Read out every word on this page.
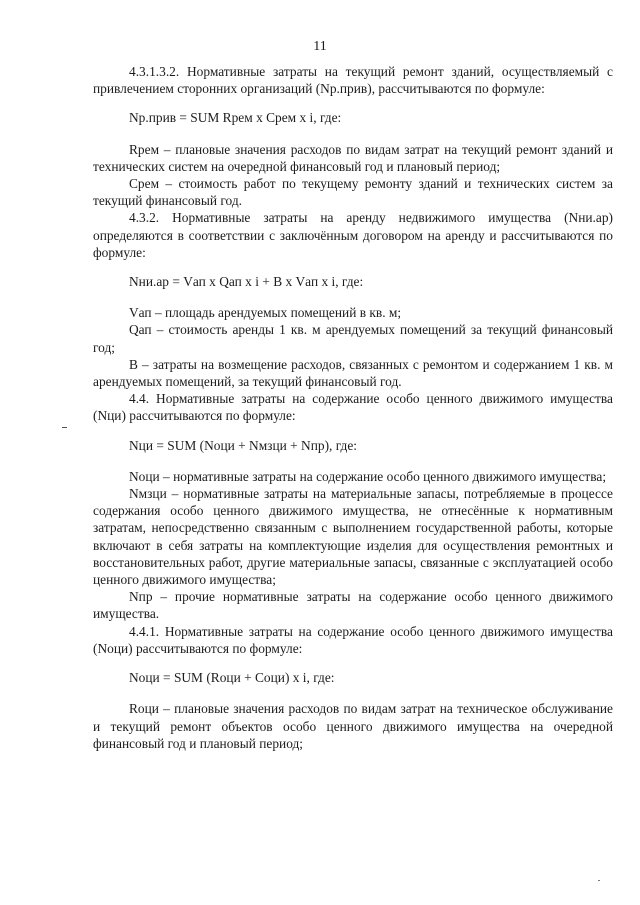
11

4.3.1.3.2. Нормативные затраты на текущий ремонт зданий, осуществляемый с привлечением сторонних организаций (Nр.прив), рассчитываются по формуле:

Nр.прив = SUM Rрем х Срем х i, где:

Rрем – плановые значения расходов по видам затрат на текущий ремонт зданий и технических систем на очередной финансовый год и плановый период;

Срем – стоимость работ по текущему ремонту зданий и технических систем за текущий финансовый год.

4.3.2. Нормативные затраты на аренду недвижимого имущества (Nни.ар) определяются в соответствии с заключённым договором на аренду и рассчитываются по формуле:

Nни.ар = Vап х Qап х i + B х Vап х i, где:

Vап – площадь арендуемых помещений в кв. м;

Qап – стоимость аренды 1 кв. м арендуемых помещений за текущий финансовый год;

В – затраты на возмещение расходов, связанных с ремонтом и содержанием 1 кв. м арендуемых помещений, за текущий финансовый год.

4.4. Нормативные затраты на содержание особо ценного движимого имущества (Nци) рассчитываются по формуле:

Nци = SUM (Nоци + Nмзци + Nпр), где:

Nоци – нормативные затраты на содержание особо ценного движимого имущества;

Nмзци – нормативные затраты на материальные запасы, потребляемые в процессе содержания особо ценного движимого имущества, не отнесённые к нормативным затратам, непосредственно связанным с выполнением государственной работы, которые включают в себя затраты на комплектующие изделия для осуществления ремонтных и восстановительных работ, другие материальные запасы, связанные с эксплуатацией особо ценного движимого имущества;

Nпр – прочие нормативные затраты на содержание особо ценного движимого имущества.

4.4.1. Нормативные затраты на содержание особо ценного движимого имущества (Nоци) рассчитываются по формуле:

Nоци = SUM (Rоци + Соци) х i, где:

Rоци – плановые значения расходов по видам затрат на техническое обслуживание и текущий ремонт объектов особо ценного движимого имущества на очередной финансовый год и плановый период;
